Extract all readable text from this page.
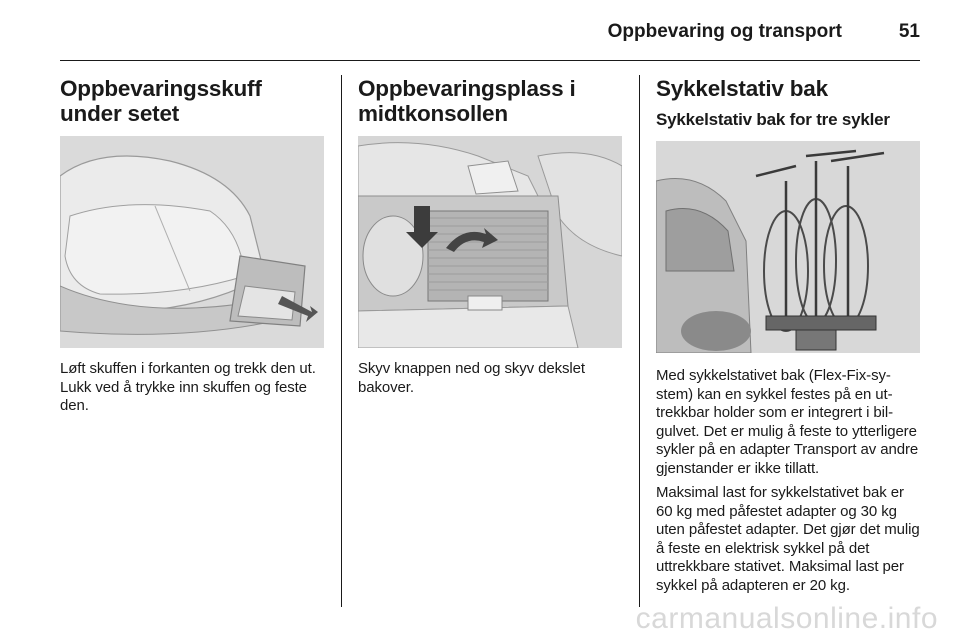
Oppbevaring og transport	51
Oppbevaringsskuff under setet

Løft skuffen i forkanten og trekk den ut. Lukk ved å trykke inn skuffen og feste den.

Oppbevaringsplass i midtkonsollen

Skyv knappen ned og skyv dekslet bakover.

Sykkelstativ bak
Sykkelstativ bak for tre sykler

Med sykkelstativet bak (Flex-Fix-system) kan en sykkel festes på en uttrekkbar holder som er integrert i bilgulvet. Det er mulig å feste to ytterligere sykler på en adapter Transport av andre gjenstander er ikke tillatt.

Maksimal last for sykkelstativet bak er 60 kg med påfestet adapter og 30 kg uten påfestet adapter. Det gjør det mulig å feste en elektrisk sykkel på det uttrekkbare stativet. Maksimal last per sykkel på adapteren er 20 kg.

carmanualsonline.info
